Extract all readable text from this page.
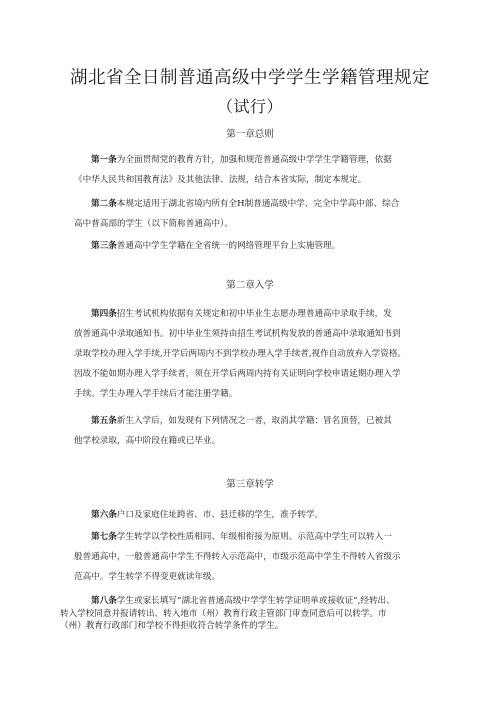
湖北省全日制普通高级中学学生学籍管理规定
（试行）
第一章总则
第一条为全面贯彻党的教育方针，加强和规范普通高级中学学生学籍管理，依据
《中华人民共和国教育法》及其他法律、法规，结合本省实际，制定本规定。
第二条本规定适用于湖北省境内所有全H制普通高级中学、完全中学高中部、综合
高中普高部的学生（以下简称普通高中）。
第三条普通高中学生学籍在全省统一的网络管理平台上实施管理。
第二章入学
第四条招生考试机构依据有关规定和初中毕业生志愿办理普通高中录取手续，发
放普通高中录取通知书。初中毕业生须持由招生考试机构发放的普通高中录取通知书到
录取学校办理入学手续,开学后两周内不到学校办理入学手续者,视作自动放弃入学资格。
因故不能如期办理入学手续者，须在开学后两周内持有关证明向学校申请延期办理入学
手续。学生办理入学手续后才能注册学籍。
第五条新生入学后，如发现有下列情况之一者，取消其学籍：冒名顶替，已被其
他学校录取，高中阶段在籍或已毕业。
第三章转学
第六条户口及家庭住址跨省、市、县迁移的学生，准予转学。
第七条学生转学以学校性质相同、年级相衔接为原则。示范高中学生可以转入一
般普通高中，一般普通高中学生不得转入示范高中，市级示范高中学生不得转入省级示
范高中。学生转学不得变更就读年级。
第八条学生或家长填写“湖北省普通高级中学学生转学证明单或接收证”,经转出、
转入学校同意并报请转出、转入地市（州）教育行政主管部门审查同意后可以转学。市
（州）教育行政部门和学校不得拒收符合转学条件的学生。
